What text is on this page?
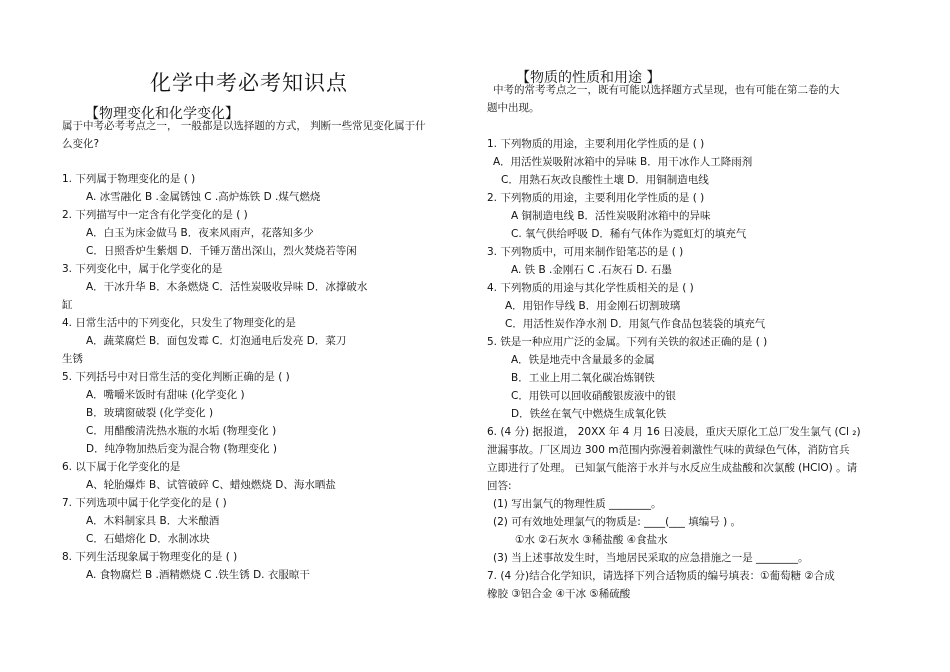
化学中考必考知识点
【物理变化和化学变化】
【物质的性质和用途 】
属于中考必考考点之一， 一般都是以选择题的方式， 判断一些常见变化属于什
么变化?
1. 下列属于物理变化的是 ( )
A. 冰雪融化 B .金属锈蚀 C .高炉炼铁 D .煤气燃烧
2. 下列描写中一定含有化学变化的是 ( )
A．白玉为床金做马 B．夜来风雨声，花落知多少
C．日照香炉生紫烟 D．千锤万凿出深山，烈火焚烧若等闲
3. 下列变化中，属于化学变化的是
A．干冰升华 B．木条燃烧 C．活性炭吸收异味 D．冰撑破水
缸
4. 日常生活中的下列变化，只发生了物理变化的是
A．蔬菜腐烂 B．面包发霉 C．灯泡通电后发亮 D．菜刀
生锈
5. 下列括号中对日常生活的变化判断正确的是 ( )
A．嘴嚼米饭时有甜味 (化学变化 )
B．玻璃窗破裂 (化学变化 )
C．用醋酸清洗热水瓶的水垢 (物理变化 )
D．纯净物加热后变为混合物 (物理变化 )
6. 以下属于化学变化的是
A、轮胎爆炸 B、试管破碎 C、蜡烛燃烧 D、海水晒盐
7. 下列选项中属于化学变化的是 ( )
A．木料制家具 B．大米酿酒
C．石蜡熔化 D．水制冰块
8. 下列生活现象属于物理变化的是 ( )
A. 食物腐烂 B .酒精燃烧 C .铁生锈 D. 衣服晾干
中考的常考考点之一，既有可能以选择题方式呈现，也有可能在第二卷的大
题中出现。
1. 下列物质的用途，主要利用化学性质的是 ( )
A．用活性炭吸附冰箱中的异味 B．用干冰作人工降雨剂
C．用熟石灰改良酸性土壤 D．用铜制造电线
2. 下列物质的用途，主要利用化学性质的是 ( )
A 铜制造电线 B．活性炭吸附冰箱中的异味
C. 氧气供给呼吸 D．稀有气体作为霓虹灯的填充气
3. 下列物质中，可用来制作铅笔芯的是 ( )
A. 铁 B .金刚石 C .石灰石 D. 石墨
4. 下列物质的用途与其化学性质相关的是 ( )
A．用铝作导线 B．用金刚石切割玻璃
C．用活性炭作净水剂 D．用氮气作食品包装袋的填充气
5. 铁是一种应用广泛的金属。下列有关铁的叙述正确的是 ( )
A．铁是地壳中含量最多的金属
B．工业上用二氧化碳冶炼钢铁
C．用铁可以回收硝酸银废液中的银
D．铁丝在氧气中燃烧生成氧化铁
6. (4 分) 据报道， 20XX 年 4 月 16 日凌晨，重庆天原化工总厂发生氯气 (Cl ₂)
泄漏事故。厂区周边 300 m范围内弥漫着刺激性气味的黄绿色气体，消防官兵
立即进行了处理。 已知氯气能溶于水并与水反应生成盐酸和次氯酸 (HClO) 。请
回答:
(1) 写出氯气的物理性质 ________。
(2) 可有效地处理氯气的物质是: ____(___ 填编号 ) 。
①水 ②石灰水 ③稀盐酸 ④食盐水
(3) 当上述事故发生时，当地居民采取的应急措施之一是 ________。
7. (4 分)结合化学知识，请选择下列合适物质的编号填表：①葡萄糖 ②合成
橡胶 ③铝合金 ④干冰 ⑤稀硫酸
